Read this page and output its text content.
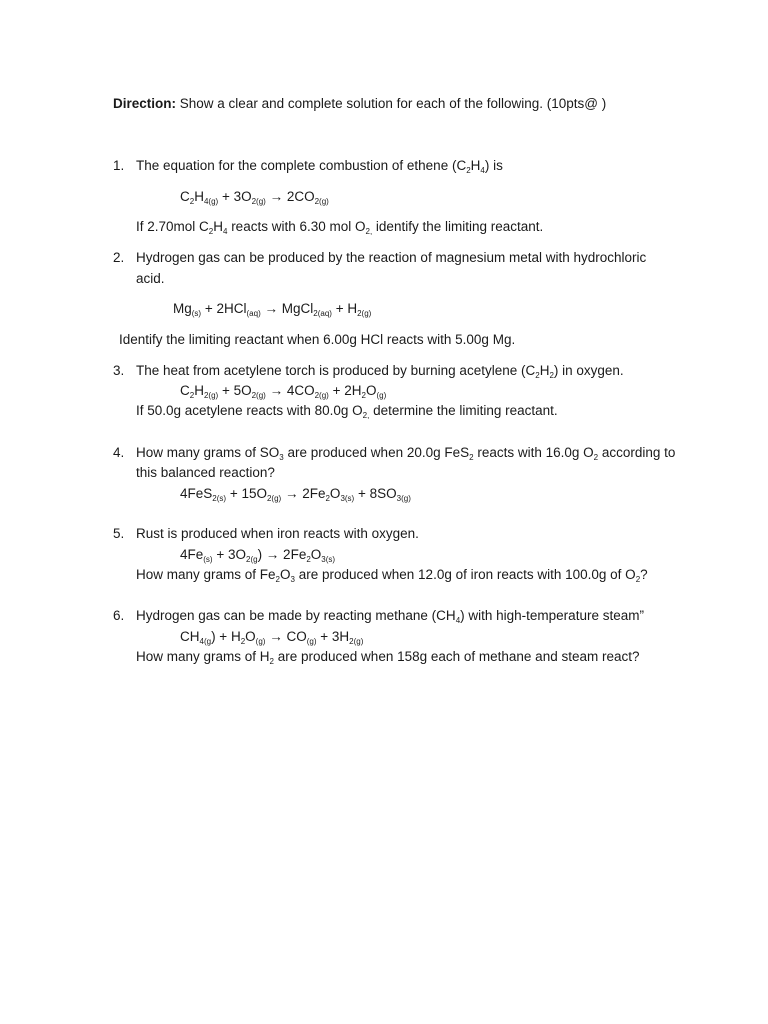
Direction: Show a clear and complete solution for each of the following. (10pts@ )
1. The equation for the complete combustion of ethene $(C_2H_4)$ is
$C_2H_{4(g)} + 3O_{2(g)} \to 2CO_{2(g)}$
If 2.70mol $C_2H_4$ reacts with 6.30 mol $O_{2,}$ identify the limiting reactant.
2. Hydrogen gas can be produced by the reaction of magnesium metal with hydrochloric
acid.
$Mg_{(s)} + 2HCl_{(aq)}$ → MgCl$_{2(aq)}$ + $H_{2(g)}$
Identify the limiting reactant when 6.00g HCl reacts with 5.00g Mg.
3. The heat from acetylene torch is produced by burning acetylene $(C_2H_2)$ in oxygen.
$C_2H_{2(g)} + 5O_{2(g)} \to 4CO_{2(g)} + 2H_2O_{(g)}$
If 50.0g acetylene reacts with 80.0g $O_{2,}$ determine the limiting reactant.
4. How many grams of $SO_3$ are produced when 20.0g FeS$_2$ reacts with 16.0g $O_2$ according to
this balanced reaction?
$4FeS_{2(s)} + 15O_{2(g)} \to 2Fe_2O_{3(s)} + 8SO_{3(g)}$
5. Rust is produced when iron reacts with oxygen.
$4Fe_{(s)} + 3O_{2(g}) \to 2Fe_2O_{3(s)}$
How many grams of $Fe_2O_3$ are produced when 12.0g of iron reacts with 100.0g of $O_2$?
6. Hydrogen gas can be made by reacting methane $(CH_4)$ with high-temperature steam”
$CH_{4(g}) + H_2O_{(g)} \to CO_{(g)} + 3H_{2(g)}$
How many grams of $H_2$ are produced when 158g each of methane and steam react?
